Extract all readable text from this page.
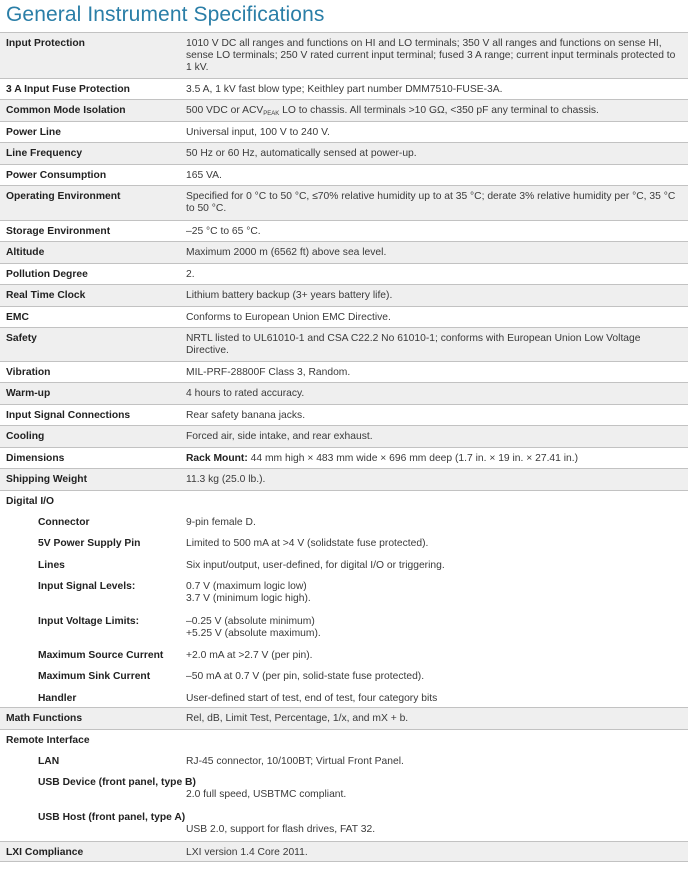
General Instrument Specifications
Input Protection	1010 V DC all ranges and functions on HI and LO terminals; 350 V all ranges and functions on sense HI, sense LO terminals; 250 V rated current input terminal; fused 3 A range; current input terminals protected to 1 kV.
3 A Input Fuse Protection	3.5 A, 1 kV fast blow type; Keithley part number DMM7510-FUSE-3A.
Common Mode Isolation	500 VDC or $ACV_{PEAK}$ LO to chassis. All terminals >10 GΩ, <350 pF any terminal to chassis.
Power Line	Universal input, 100 V to 240 V.
Line Frequency	50 Hz or 60 Hz, automatically sensed at power-up.
Power Consumption	165 VA.
Operating Environment	Specified for 0 °C to 50 °C, ≤70% relative humidity up to at 35 °C; derate 3% relative humidity per °C, 35 °C to 50 °C.
Storage Environment	–25 °C to 65 °C.
Altitude	Maximum 2000 m (6562 ft) above sea level.
Pollution Degree	2.
Real Time Clock	Lithium battery backup (3+ years battery life).
EMC	Conforms to European Union EMC Directive.
Safety	NRTL listed to UL61010-1 and CSA C22.2 No 61010-1; conforms with European Union Low Voltage Directive.
Vibration	MIL-PRF-28800F Class 3, Random.
Warm-up	4 hours to rated accuracy.
Input Signal Connections	Rear safety banana jacks.
Cooling	Forced air, side intake, and rear exhaust.
Dimensions	Rack Mount: 44 mm high × 483 mm wide × 696 mm deep (1.7 in. × 19 in. × 27.41 in.)
Shipping Weight	11.3 kg (25.0 lb.).
Digital I/O
Connector	9-pin female D.
5V Power Supply Pin	Limited to 500 mA at >4 V (solidstate fuse protected).
Lines	Six input/output, user-defined, for digital I/O or triggering.
Input Signal Levels:	0.7 V (maximum logic low)
3.7 V (minimum logic high).
Input Voltage Limits:	–0.25 V (absolute minimum)
+5.25 V (absolute maximum).
Maximum Source Current	+2.0 mA at >2.7 V (per pin).
Maximum Sink Current	–50 mA at 0.7 V (per pin, solid-state fuse protected).
Handler	User-defined start of test, end of test, four category bits
Math Functions	Rel, dB, Limit Test, Percentage, 1/x, and mX + b.
Remote Interface
LAN	RJ-45 connector, 10/100BT; Virtual Front Panel.
USB Device (front panel, type B)
2.0 full speed, USBTMC compliant.
USB Host (front panel, type A)
USB 2.0, support for flash drives, FAT 32.
LXI Compliance	LXI version 1.4 Core 2011.
